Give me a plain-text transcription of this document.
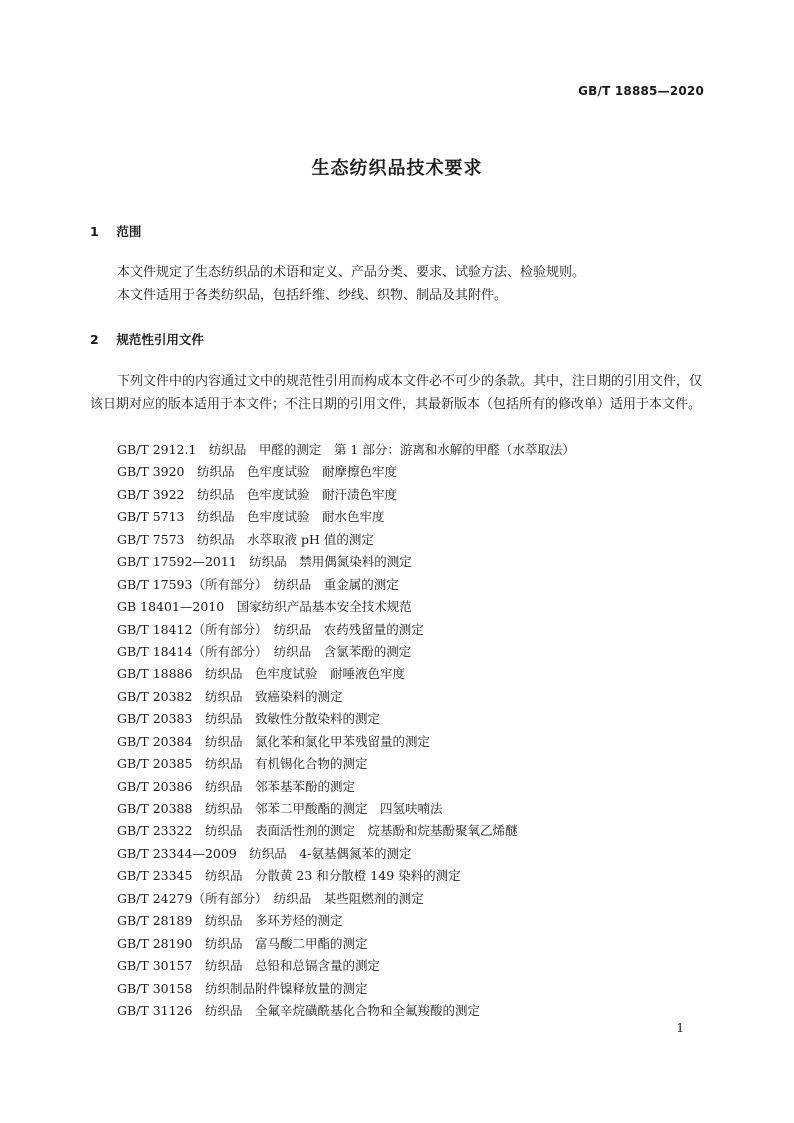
GB/T 18885—2020
生态纺织品技术要求
1 范围

本文件规定了生态纺织品的术语和定义、产品分类、要求、试验方法、检验规则。

本文件适用于各类纺织品，包括纤维、纱线、织物、制品及其附件。

2 规范性引用文件

下列文件中的内容通过文中的规范性引用而构成本文件必不可少的条款。其中，注日期的引用文件，仅该日期对应的版本适用于本文件；不注日期的引用文件，其最新版本（包括所有的修改单）适用于本文件。

GB/T 2912.1　纺织品　甲醛的测定　第 1 部分：游离和水解的甲醛（水萃取法）
GB/T 3920　纺织品　色牢度试验　耐摩擦色牢度
GB/T 3922　纺织品　色牢度试验　耐汗渍色牢度
GB/T 5713　纺织品　色牢度试验　耐水色牢度
GB/T 7573　纺织品　水萃取液 pH 值的测定
GB/T 17592—2011　纺织品　禁用偶氮染料的测定
GB/T 17593（所有部分）　纺织品　重金属的测定
GB 18401—2010　国家纺织产品基本安全技术规范
GB/T 18412（所有部分）　纺织品　农药残留量的测定
GB/T 18414（所有部分）　纺织品　含氯苯酚的测定
GB/T 18886　纺织品　色牢度试验　耐唾液色牢度
GB/T 20382　纺织品　致癌染料的测定
GB/T 20383　纺织品　致敏性分散染料的测定
GB/T 20384　纺织品　氯化苯和氯化甲苯残留量的测定
GB/T 20385　纺织品　有机锡化合物的测定
GB/T 20386　纺织品　邻苯基苯酚的测定
GB/T 20388　纺织品　邻苯二甲酸酯的测定　四氢呋喃法
GB/T 23322　纺织品　表面活性剂的测定　烷基酚和烷基酚聚氧乙烯醚
GB/T 23344—2009　纺织品　4-氨基偶氮苯的测定
GB/T 23345　纺织品　分散黄 23 和分散橙 149 染料的测定
GB/T 24279（所有部分）　纺织品　某些阻燃剂的测定
GB/T 28189　纺织品　多环芳烃的测定
GB/T 28190　纺织品　富马酸二甲酯的测定
GB/T 30157　纺织品　总铅和总镉含量的测定
GB/T 30158　纺织制品附件镍释放量的测定
GB/T 31126　纺织品　全氟辛烷磺酰基化合物和全氟羧酸的测定
1
